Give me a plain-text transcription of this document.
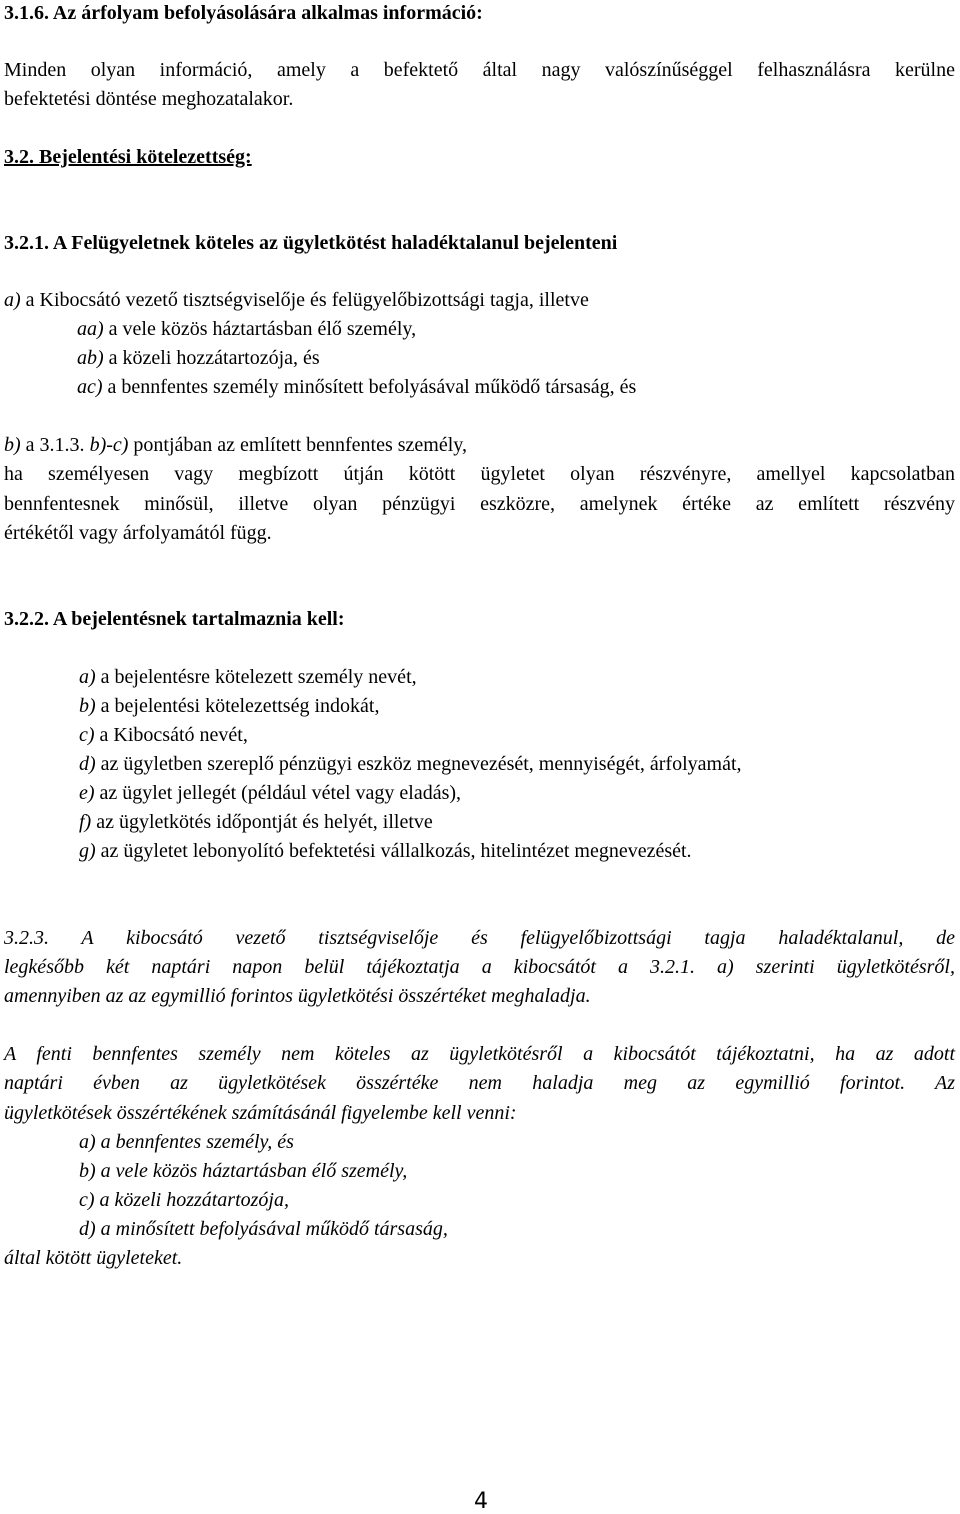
3.1.6. Az árfolyam befolyásolására alkalmas információ:
Minden olyan információ, amely a befektető által nagy valószínűséggel felhasználásra kerülne
befektetési döntése meghozatalakor.
3.2. Bejelentési kötelezettség:
3.2.1. A Felügyeletnek köteles az ügyletkötést haladéktalanul bejelenteni
a) a Kibocsátó vezető tisztségviselője és felügyelőbizottsági tagja, illetve
aa) a vele közös háztartásban élő személy,
ab) a közeli hozzátartozója, és
ac) a bennfentes személy minősített befolyásával működő társaság, és
b) a 3.1.3. b)-c) pontjában az említett bennfentes személy,
ha személyesen vagy megbízott útján kötött ügyletet olyan részvényre, amellyel kapcsolatban
bennfentesnek minősül, illetve olyan pénzügyi eszközre, amelynek értéke az említett részvény
értékétől vagy árfolyamától függ.
3.2.2. A bejelentésnek tartalmaznia kell:
a) a bejelentésre kötelezett személy nevét,
b) a bejelentési kötelezettség indokát,
c) a Kibocsátó nevét,
d) az ügyletben szereplő pénzügyi eszköz megnevezését, mennyiségét, árfolyamát,
e) az ügylet jellegét (például vétel vagy eladás),
f) az ügyletkötés időpontját és helyét, illetve
g) az ügyletet lebonyolító befektetési vállalkozás, hitelintézet megnevezését.
3.2.3. A kibocsátó vezető tisztségviselője és felügyelőbizottsági tagja haladéktalanul, de
legkésőbb két naptári napon belül tájékoztatja a kibocsátót a 3.2.1. a) szerinti ügyletkötésről,
amennyiben az az egymillió forintos ügyletkötési összértéket meghaladja.
A fenti bennfentes személy nem köteles az ügyletkötésről a kibocsátót tájékoztatni, ha az adott
naptári évben az ügyletkötések összértéke nem haladja meg az egymillió forintot. Az
ügyletkötések összértékének számításánál figyelembe kell venni:
a) a bennfentes személy, és
b) a vele közös háztartásban élő személy,
c) a közeli hozzátartozója,
d) a minősített befolyásával működő társaság,
által kötött ügyleteket.
4
